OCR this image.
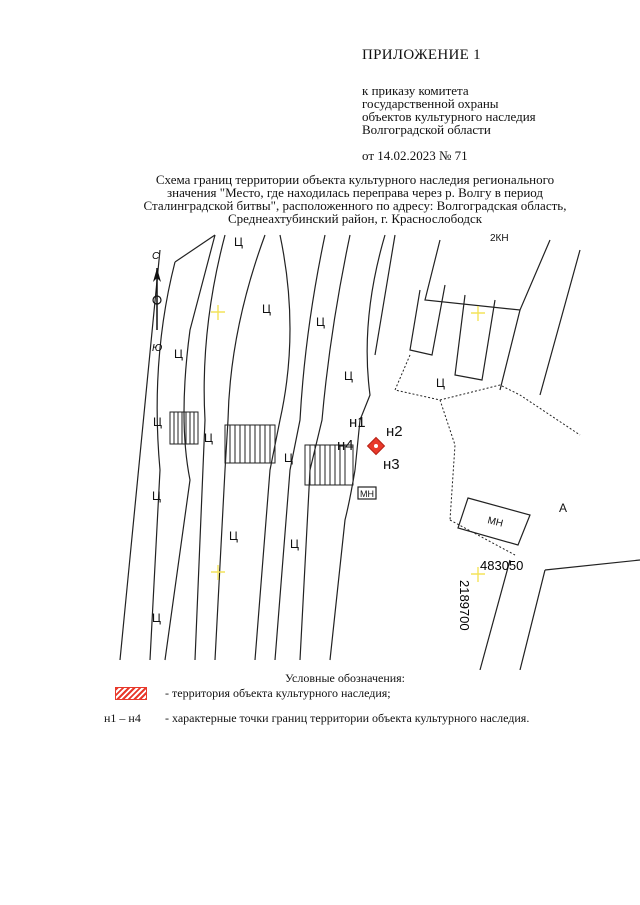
ПРИЛОЖЕНИЕ 1
к приказу комитета
государственной охраны
объектов культурного наследия
Волгоградской области
от 14.02.2023 № 71
Схема границ территории объекта культурного наследия регионального
значения "Место, где находилась переправа через р. Волгу в период
Сталинградской битвы", расположенного по адресу: Волгоградская область,
Среднеахтубинский район, г. Краснослободск
С
Ю
Ц
Ц
Ц
Ц
Ц	Ц
Ц
Ц
Ц
Ц
Ц
Ц
Ц
А
2КН
МН
МН
н1
н2
н3
н4
483050
2189700
Условные обозначения:
- территория объекта культурного наследия;
н1 – н4 - характерные точки границ территории объекта культурного наследия.
